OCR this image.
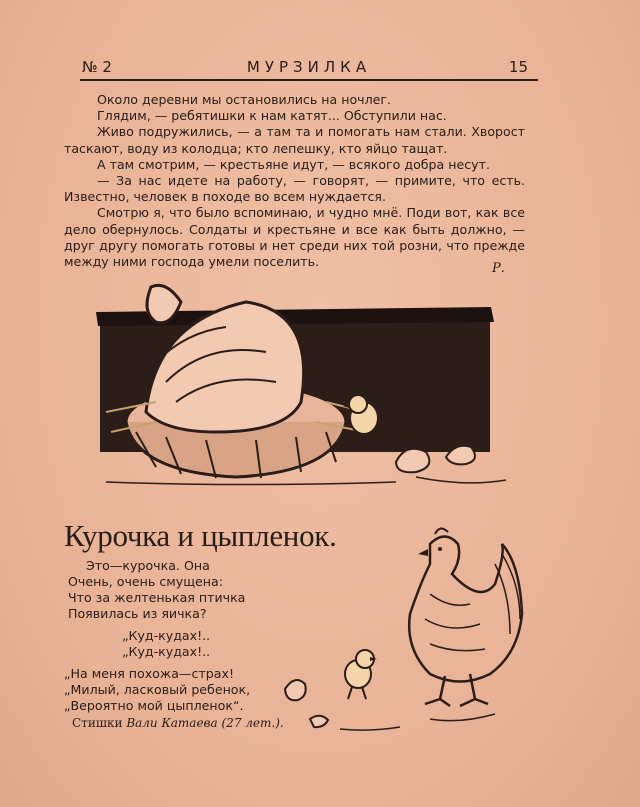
№ 2	МУРЗИЛКА	15

Около деревни мы остановились на ночлег.

Глядим, — ребятишки к нам катят... Обступили нас.

Живо подружились, — а там та и помогать нам стали. Хворост таскают, воду из колодца; кто лепешку, кто яйцо тащат.

А там смотрим, — крестьяне идут, — всякого добра несут.

— За нас идете на работу, — говорят, — примите, что есть. Известно, человек в походе во всем нуждается.

Смотрю я, что было вспоминаю, и чудно мнё. Поди вот, как все дело обернулось. Солдаты и крестьяне и все как быть должно, — друг другу помогать готовы и нет среди них той розни, что прежде между ними господа умели поселить.	Р.
Курочка и цыпленок.
Это—курочка. Она
Очень, очень смущена:
Что за желтенькая птичка
Появилась из яичка?
„Куд-кудах!..
„Куд-кудах!..
„На меня похожа—страх!
„Милый, ласковый ребенок,
„Вероятно мой цыпленок“.
Стишки Вали Катаева (27 лет.).
